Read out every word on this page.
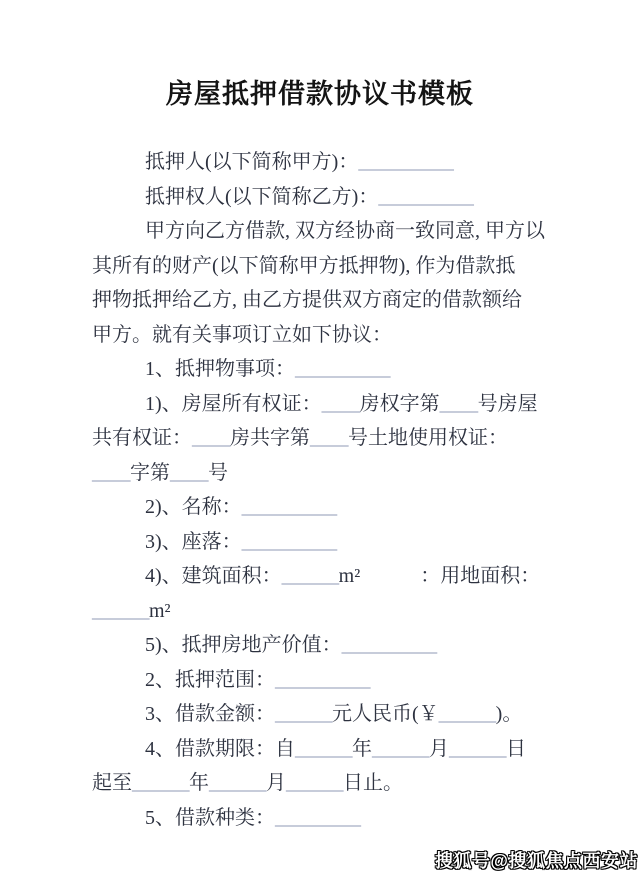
房屋抵押借款协议书模板
抵押人(以下简称甲方)：__________
抵押权人(以下简称乙方)：__________
甲方向乙方借款, 双方经协商一致同意, 甲方以
其所有的财产(以下简称甲方抵押物), 作为借款抵
押物抵押给乙方, 由乙方提供双方商定的借款额给
甲方。就有关事项订立如下协议：
1、抵押物事项：__________
1)、房屋所有权证：____房权字第____号房屋
共有权证：____房共字第____号土地使用权证：
____字第____号
2)、名称：__________
3)、座落：__________
4)、建筑面积：______m²　　　：用地面积：
______m²
5)、抵押房地产价值：__________
2、抵押范围：__________
3、借款金额：______元人民币(￥______)。
4、借款期限：自______年______月______日
起至______年______月______日止。
5、借款种类：_________
搜狐号@搜狐焦点西安站
